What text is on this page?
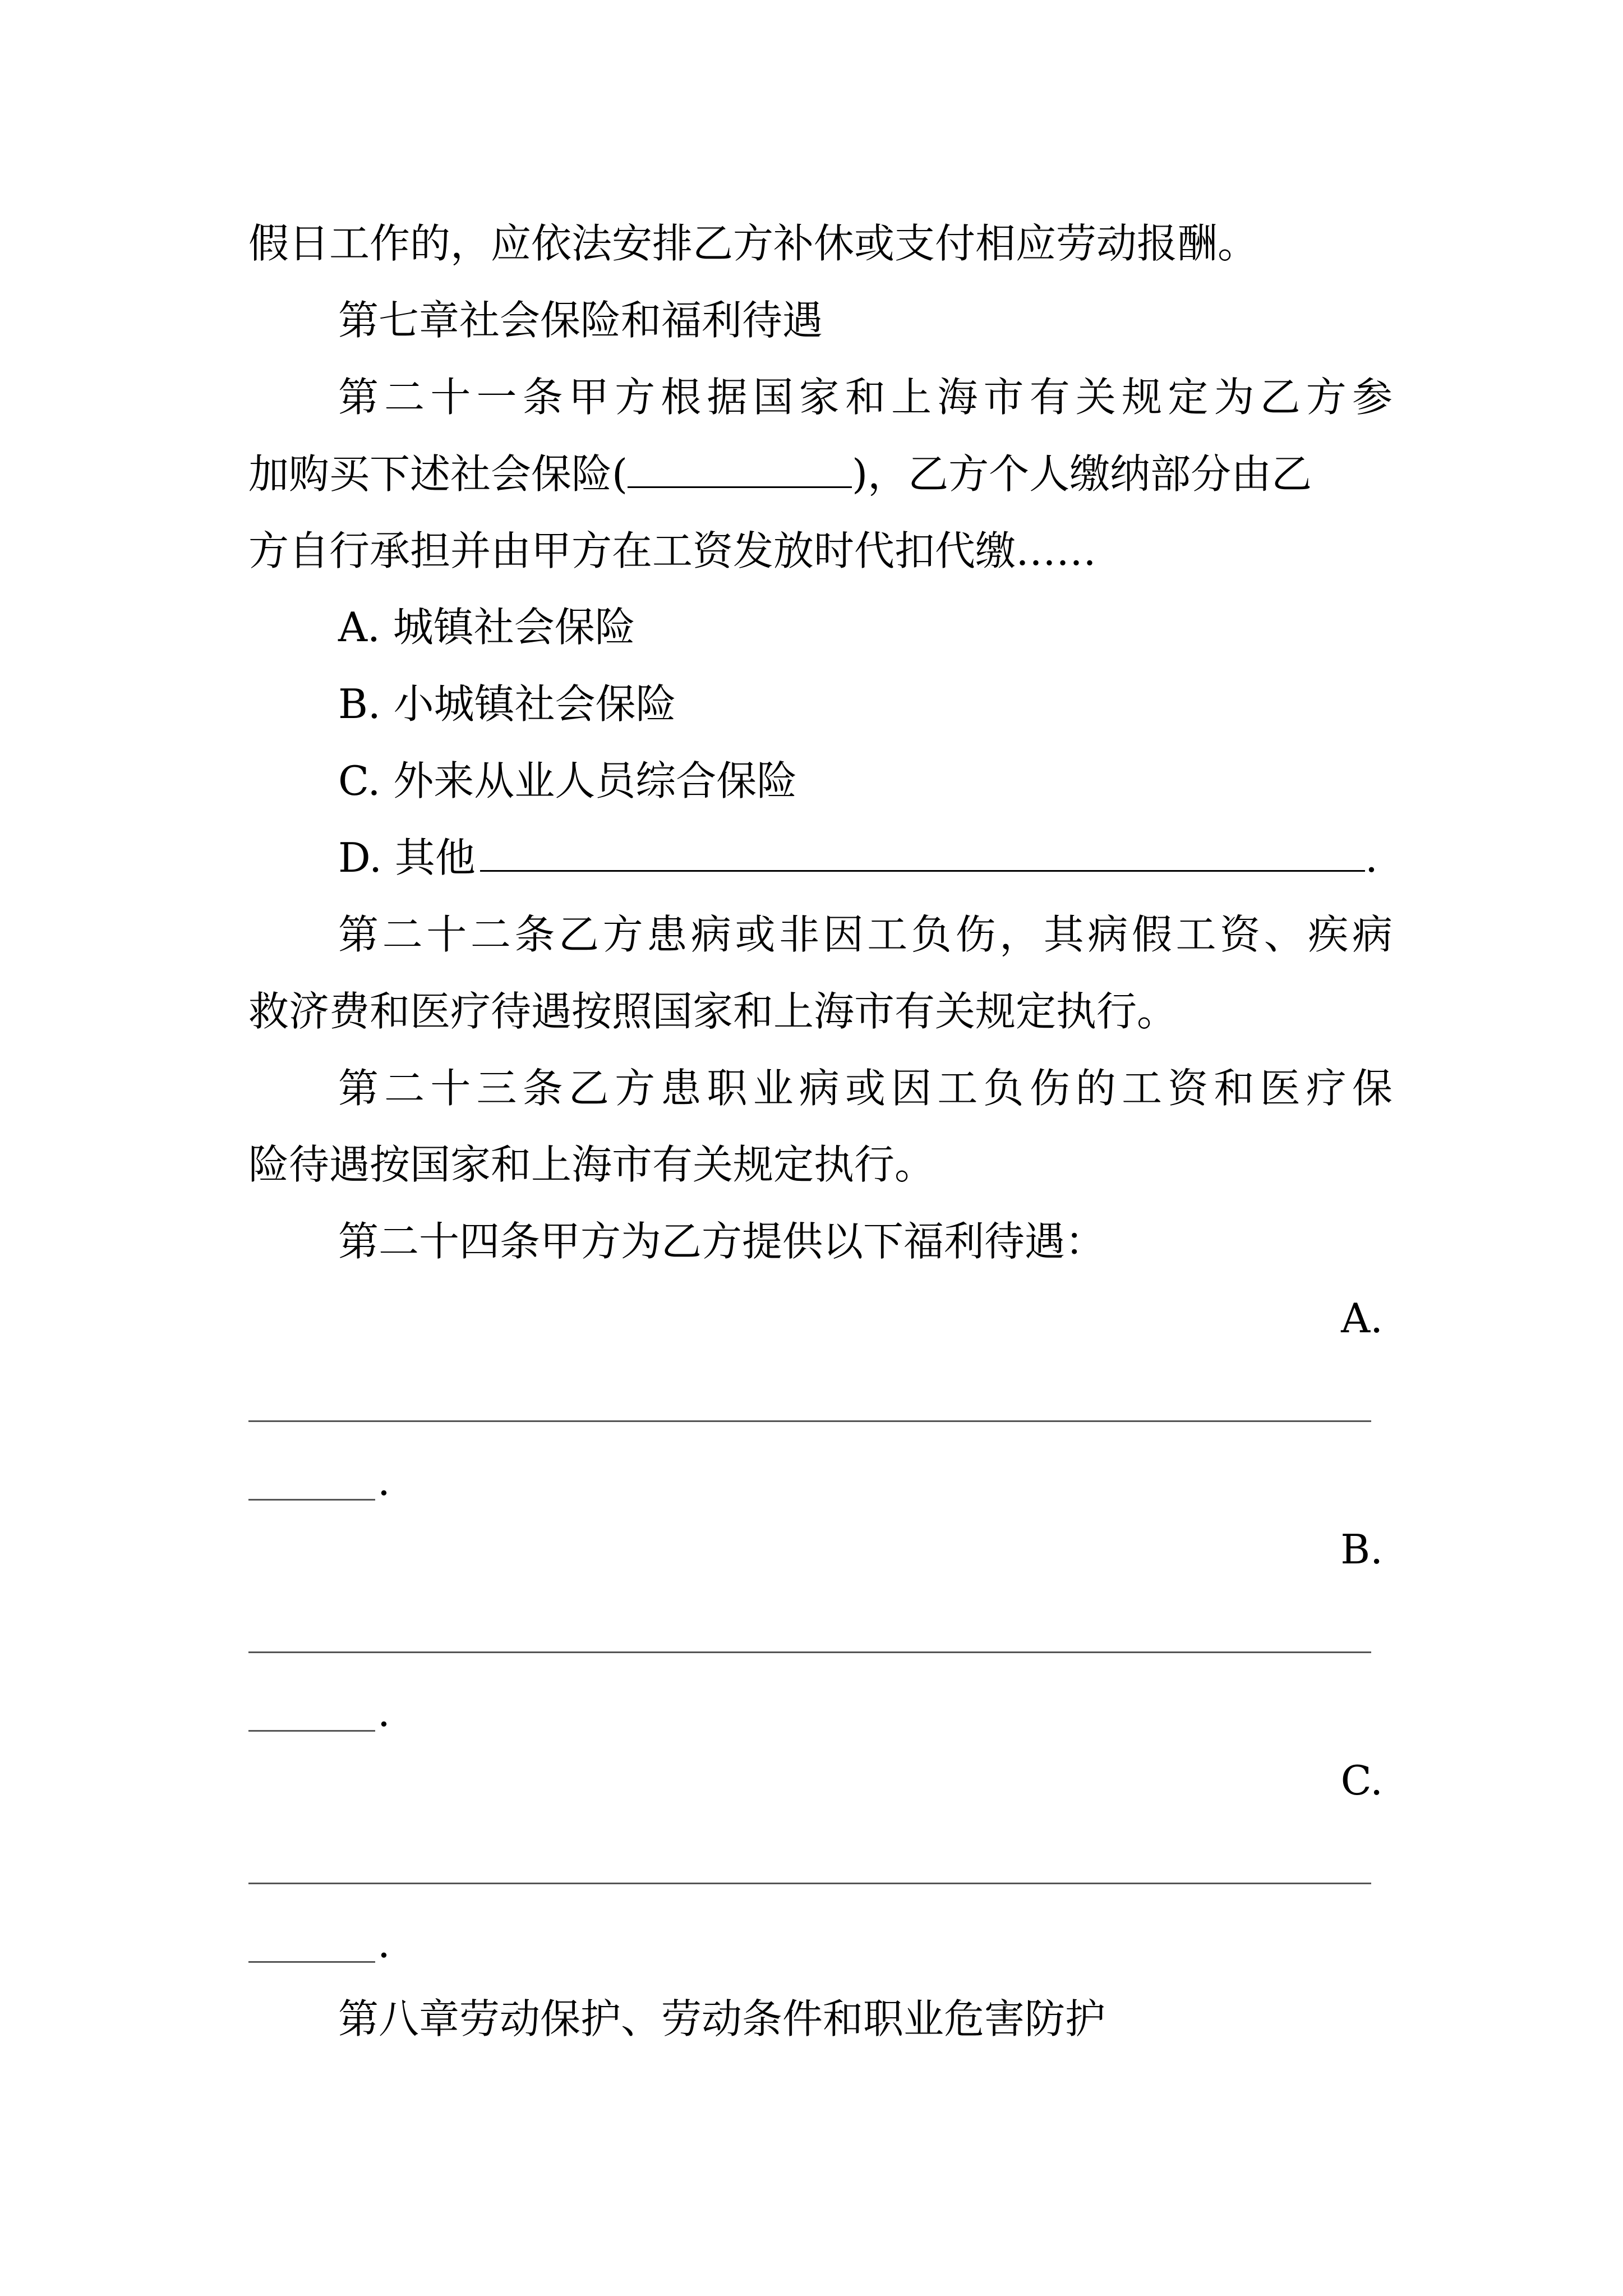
假日工作的，应依法安排乙方补休或支付相应劳动报酬。
第七章社会保险和福利待遇
第二十一条甲方根据国家和上海市有关规定为乙方参
加购买下述社会保险(	)，乙方个人缴纳部分由乙
方自行承担并由甲方在工资发放时代扣代缴……
A. 城镇社会保险
B. 小城镇社会保险
C. 外来从业人员综合保险
D. 其他	.
第二十二条乙方患病或非因工负伤，其病假工资、疾病
救济费和医疗待遇按照国家和上海市有关规定执行。
第二十三条乙方患职业病或因工负伤的工资和医疗保
险待遇按国家和上海市有关规定执行。
第二十四条甲方为乙方提供以下福利待遇：
A.
.
B.
.
C.
.
第八章劳动保护、劳动条件和职业危害防护
